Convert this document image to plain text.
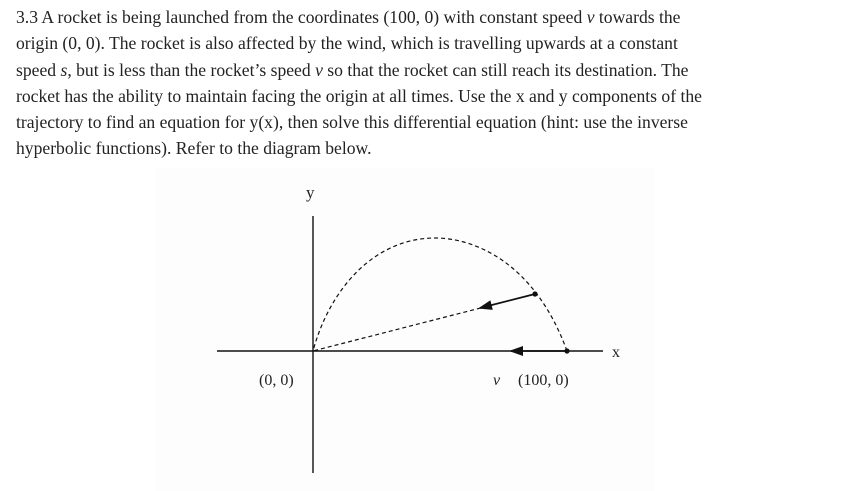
3.3 A rocket is being launched from the coordinates (100, 0) with constant speed v towards the
origin (0, 0). The rocket is also affected by the wind, which is travelling upwards at a constant
speed s, but is less than the rocket’s speed v so that the rocket can still reach its destination. The
rocket has the ability to maintain facing the origin at all times. Use the x and y components of the
trajectory to find an equation for y(x), then solve this differential equation (hint: use the inverse
hyperbolic functions). Refer to the diagram below.
y
x
(0, 0)	v (100, 0)
